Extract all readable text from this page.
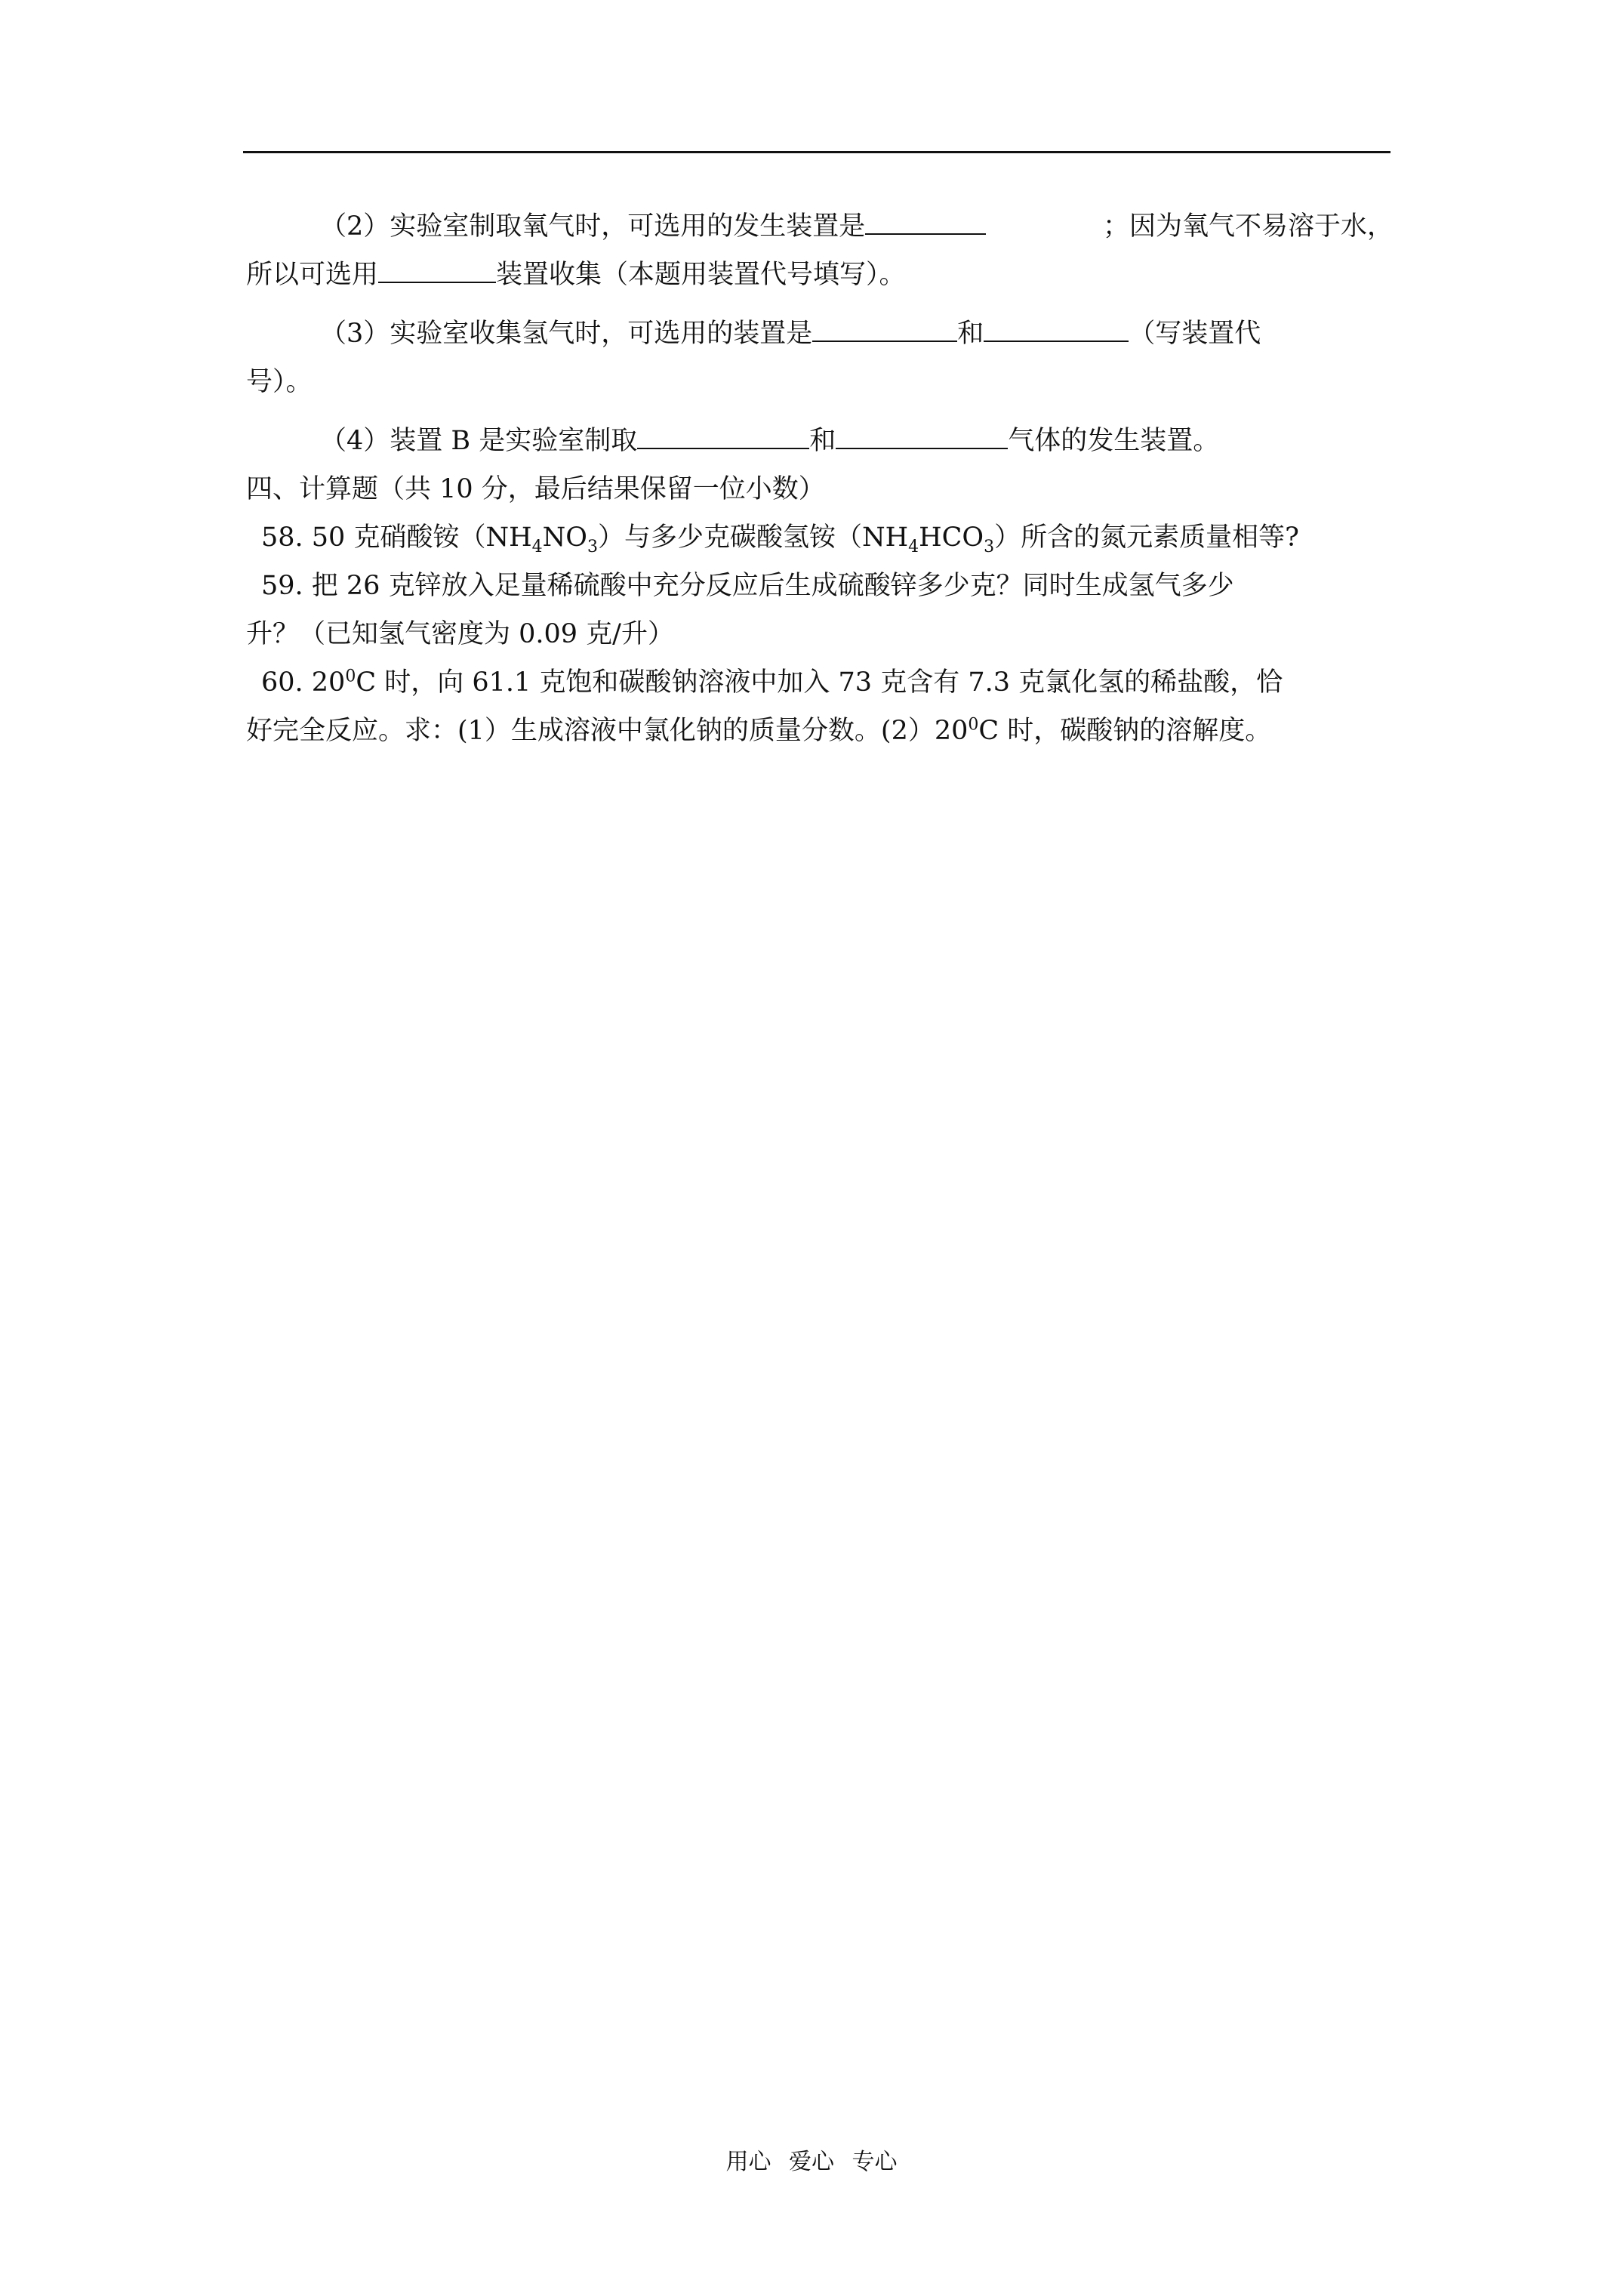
（2）实验室制取氧气时，可选用的发生装置是	；因为氧气不易溶于水，
所以可选用	装置收集（本题用装置代号填写）。
（3）实验室收集氢气时，可选用的装置是	和	（写装置代
号）。
（4）装置 B 是实验室制取	和	气体的发生装置。
四、计算题（共 10 分，最后结果保留一位小数）
58. 50 克硝酸铵$(NH_4NO_3)$与多少克碳酸氢铵$(NH_4HCO_3)$所含的氮元素质量相等?
59. 把 26 克锌放入足量稀硫酸中充分反应后生成硫酸锌多少克？同时生成氢气多少
升？（已知氢气密度为 0.09 克/升）
60. $20^0C$ 时，向 61.1 克饱和碳酸钠溶液中加入 73 克含有 7.3 克氯化氢的稀盐酸，恰
好完全反应。求：(1）生成溶液中氯化钠的质量分数。$(2)20^0C$ 时，碳酸钠的溶解度。
用心 爱心 专心
